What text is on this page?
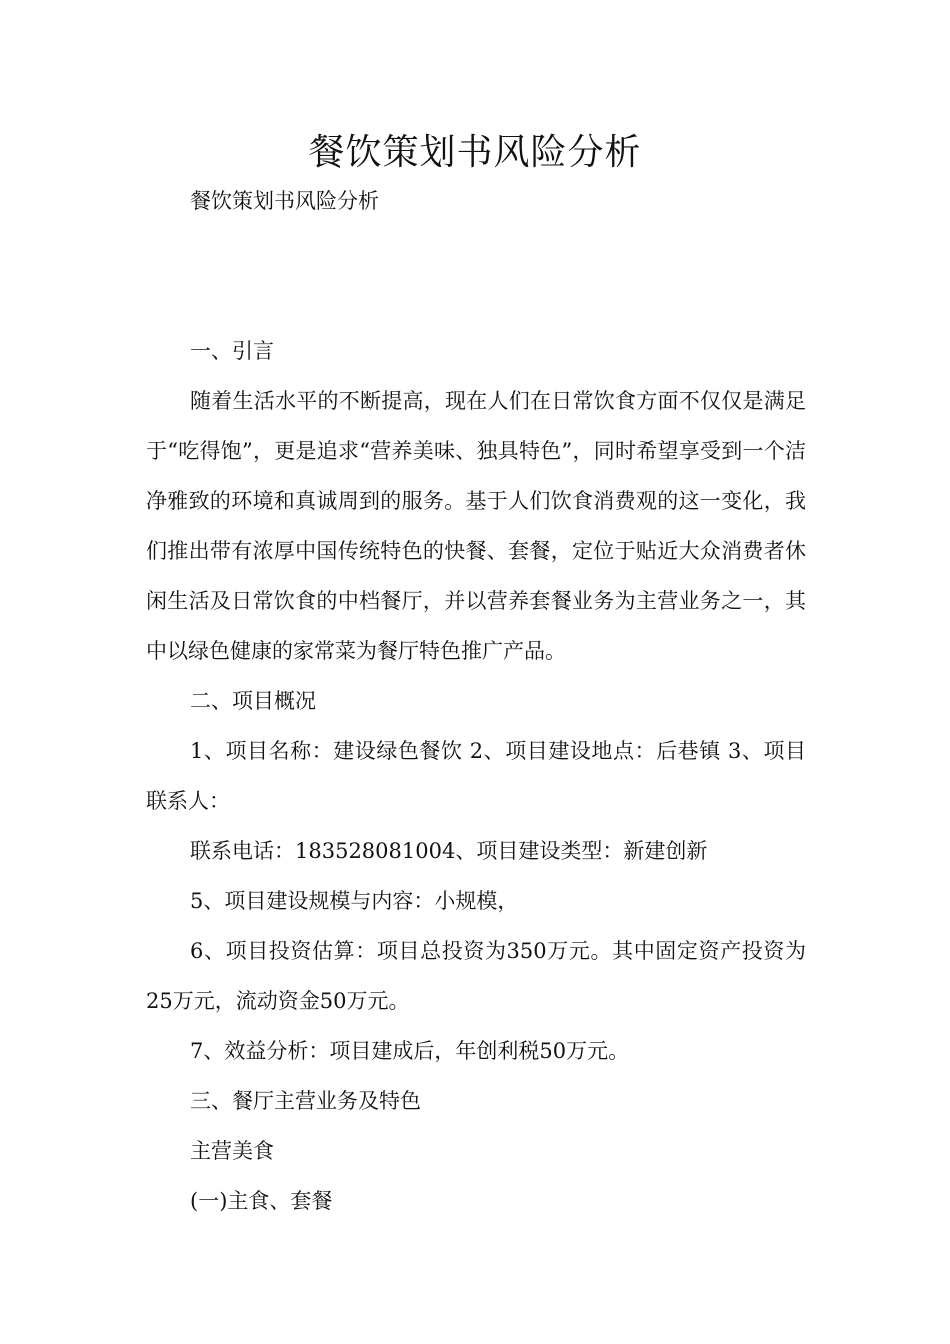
餐饮策划书风险分析

餐饮策划书风险分析

一、引言

随着生活水平的不断提高，现在人们在日常饮食方面不仅仅是满足于“吃得饱”，更是追求“营养美味、独具特色”，同时希望享受到一个洁净雅致的环境和真诚周到的服务。基于人们饮食消费观的这一变化，我们推出带有浓厚中国传统特色的快餐、套餐，定位于贴近大众消费者休闲生活及日常饮食的中档餐厅，并以营养套餐业务为主营业务之一，其中以绿色健康的家常菜为餐厅特色推广产品。

二、项目概况

1、项目名称：建设绿色餐饮 2、项目建设地点：后巷镇 3、项目联系人：

联系电话：183528081004、项目建设类型：新建创新

5、项目建设规模与内容：小规模，

6、项目投资估算：项目总投资为350万元。其中固定资产投资为25万元，流动资金50万元。

7、效益分析：项目建成后，年创利税50万元。

三、餐厅主营业务及特色

主营美食

(一)主食、套餐
